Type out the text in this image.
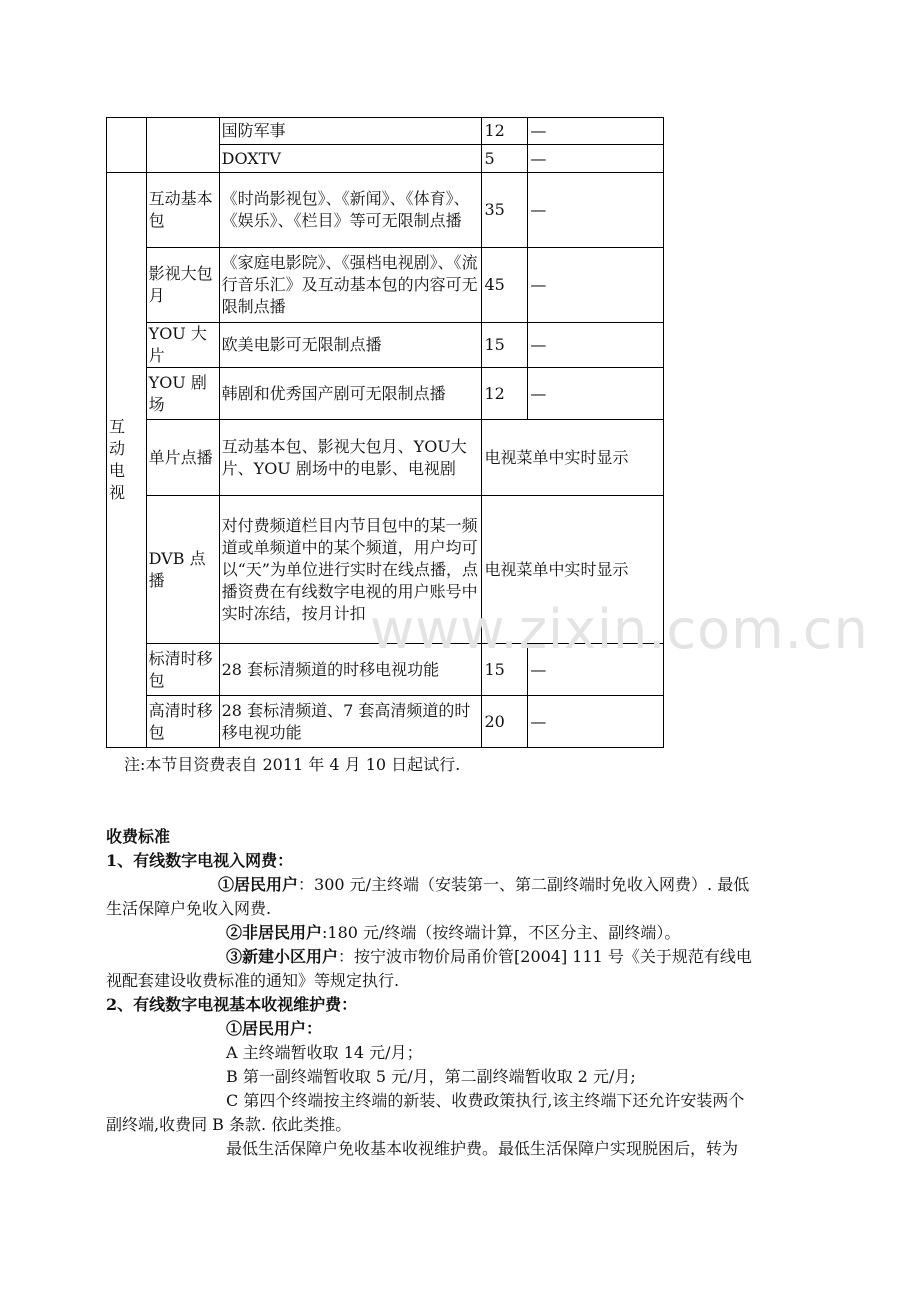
		国防军事	12	—
		DOXTV	5	—

互
动
电
视	互动基本包	《时尚影视包》、《新闻》、《体育》、《娱乐》、《栏目》等可无限制点播	35	—
	影视大包月	《家庭电影院》、《强档电视剧》、《流行音乐汇》及互动基本包的内容可无限制点播	45	—
	YOU 大片	欧美电影可无限制点播	15	—
	YOU 剧场	韩剧和优秀国产剧可无限制点播	12	—
	单片点播	互动基本包、影视大包月、YOU大片、YOU 剧场中的电影、电视剧	电视菜单中实时显示	
	DVB 点播	对付费频道栏目内节目包中的某一频道或单频道中的某个频道，用户均可以“天”为单位进行实时在线点播，点播资费在有线数字电视的用户账号中实时冻结，按月计扣	电视菜单中实时显示	
	标清时移包	28 套标清频道的时移电视功能	15	—
	高清时移包	28 套标清频道、7 套高清频道的时移电视功能	20	—
www.zixin.com.cn
注:本节目资费表自 2011 年 4 月 10 日起试行.
收费标准
1、有线数字电视入网费：
①居民用户：300 元/主终端（安装第一、第二副终端时免收入网费）. 最低
生活保障户免收入网费.
②非居民用户:180 元/终端（按终端计算，不区分主、副终端）。
③新建小区用户：按宁波市物价局甬价管[2004] 111 号《关于规范有线电
视配套建设收费标准的通知》等规定执行.
2、有线数字电视基本收视维护费：
①居民用户：
A 主终端暂收取 14 元/月；
B 第一副终端暂收取 5 元/月，第二副终端暂收取 2 元/月;
C 第四个终端按主终端的新装、收费政策执行,该主终端下还允许安装两个
副终端,收费同 B 条款. 依此类推。
最低生活保障户免收基本收视维护费。最低生活保障户实现脱困后，转为
